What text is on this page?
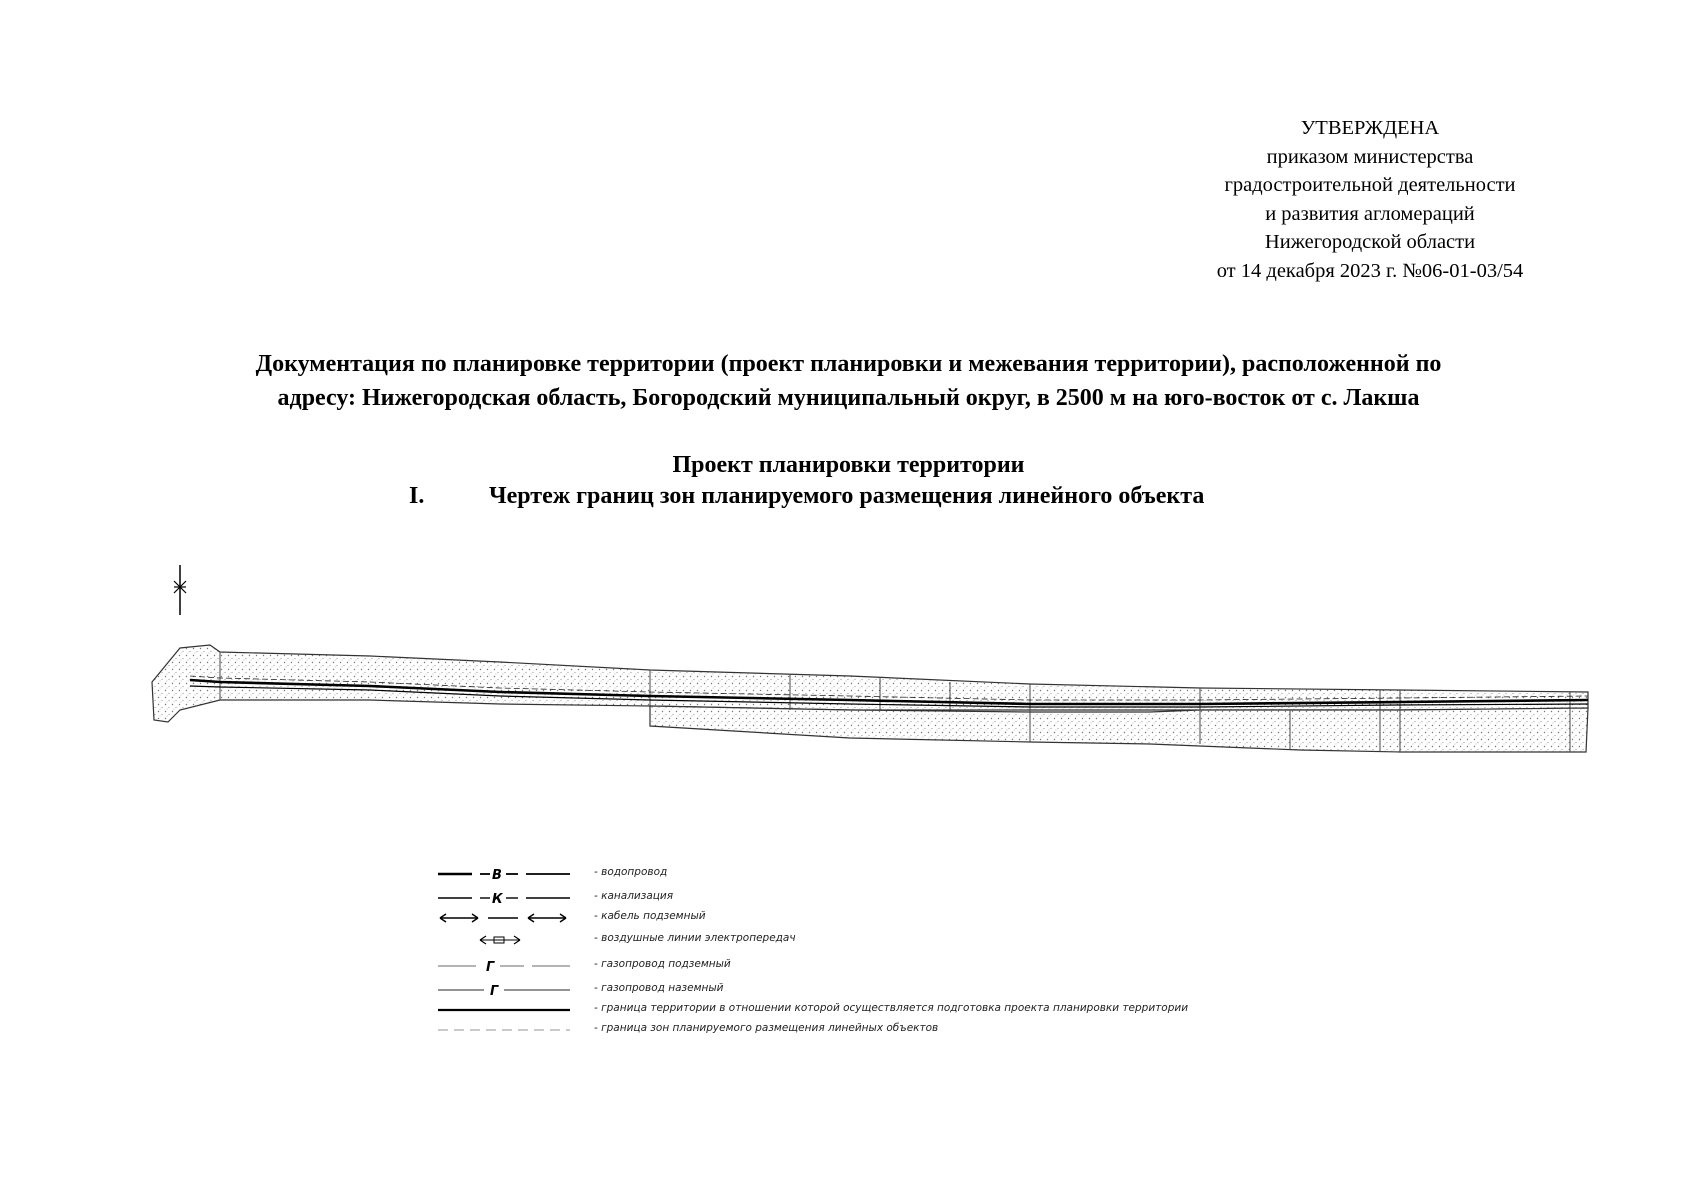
УТВЕРЖДЕНА
приказом министерства
градостроительной деятельности
и развития агломераций
Нижегородской области
от 14 декабря 2023 г. №06-01-03/54
Документация по планировке территории (проект планировки и межевания территории), расположенной по
адресу: Нижегородская область, Богородский муниципальный округ, в 2500 м на юго-восток от с. Лакша
Проект планировки территории
I.	Чертеж границ зон планируемого размещения линейного объекта
В	- водопровод
К	- канализация
- кабель подземный
- воздушные линии электропередач
Г	- газопровод подземный
Г	- газопровод наземный
- граница территории в отношении которой осуществляется подготовка проекта планировки территории
- граница зон планируемого размещения линейных объектов
